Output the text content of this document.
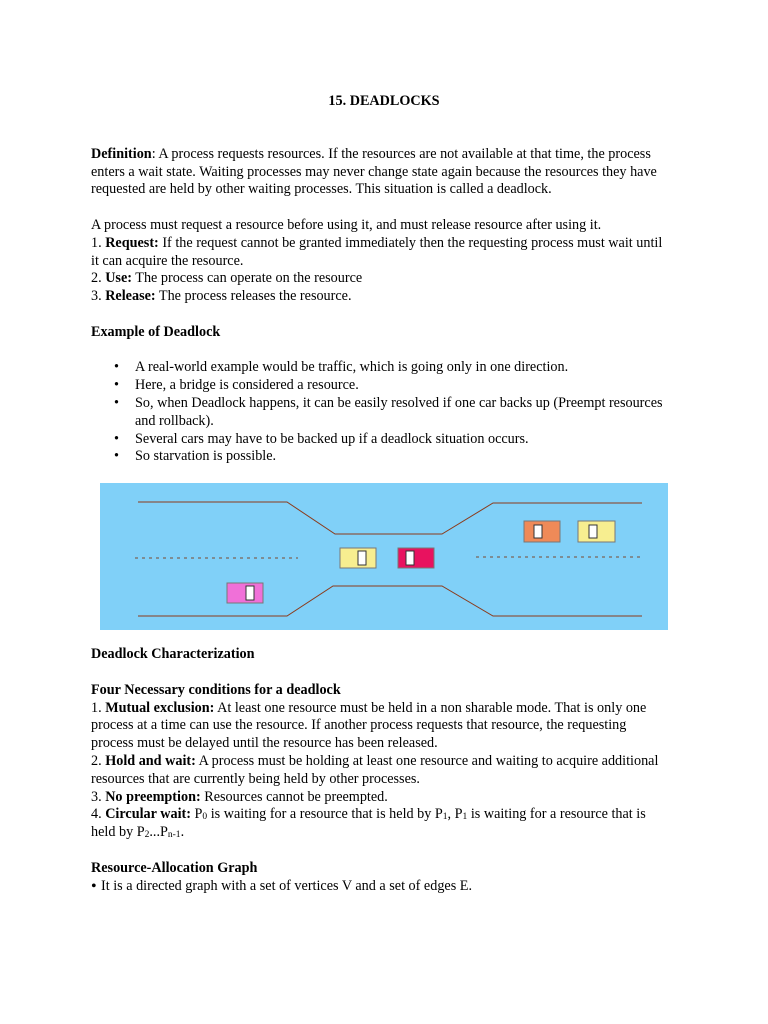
15. DEADLOCKS

Definition: A process requests resources. If the resources are not available at that time, the process enters a wait state. Waiting processes may never change state again because the resources they have requested are held by other waiting processes. This situation is called a deadlock.

A process must request a resource before using it, and must release resource after using it.

1. Request: If the request cannot be granted immediately then the requesting process must wait until it can acquire the resource.

2. Use: The process can operate on the resource

3. Release: The process releases the resource.

Example of Deadlock

• A real-world example would be traffic, which is going only in one direction.
• Here, a bridge is considered a resource.
• So, when Deadlock happens, it can be easily resolved if one car backs up (Preempt resources and rollback).
• Several cars may have to be backed up if a deadlock situation occurs.
• So starvation is possible.

Deadlock Characterization

Four Necessary conditions for a deadlock

1. Mutual exclusion: At least one resource must be held in a non sharable mode. That is only one process at a time can use the resource. If another process requests that resource, the requesting process must be delayed until the resource has been released.

2. Hold and wait: A process must be holding at least one resource and waiting to acquire additional resources that are currently being held by other processes.

3. No preemption: Resources cannot be preempted.

4. Circular wait: $P_0$ is waiting for a resource that is held by $P_1$, $P_1$ is waiting for a resource that is held by $P_2...P_{n-1}$.

Resource-Allocation Graph

• It is a directed graph with a set of vertices V and a set of edges E.
